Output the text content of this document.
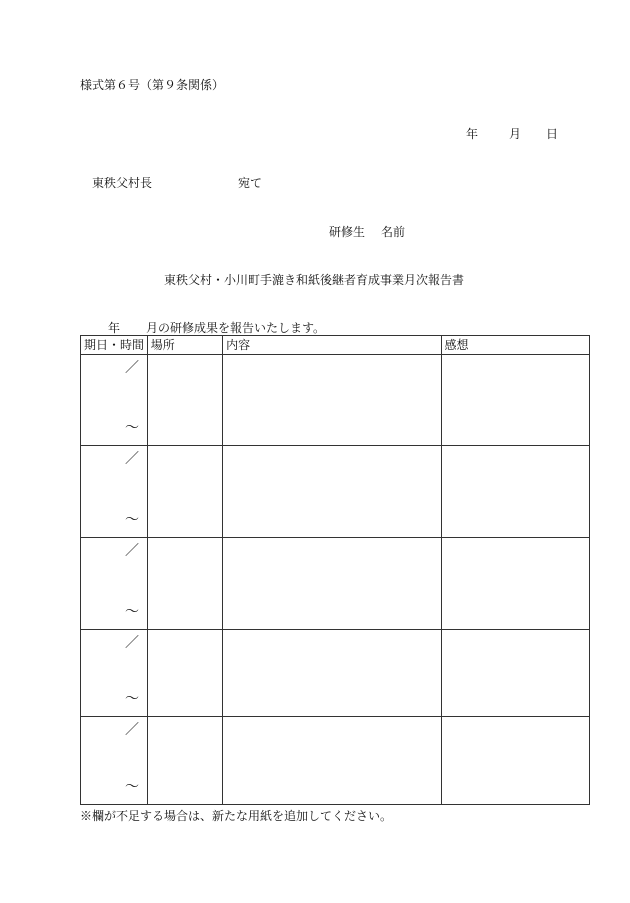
様式第６号（第９条関係）
年	月 日
東秩父村長	宛て
研修生 名前
東秩父村・小川町手漉き和紙後継者育成事業月次報告書
年 月の研修成果を報告いたします。
期日・時間	場所	内容	感想

／
～			

／
～			

／
～			

／
～			

／
～			

※欄が不足する場合は、新たな用紙を追加してください。
